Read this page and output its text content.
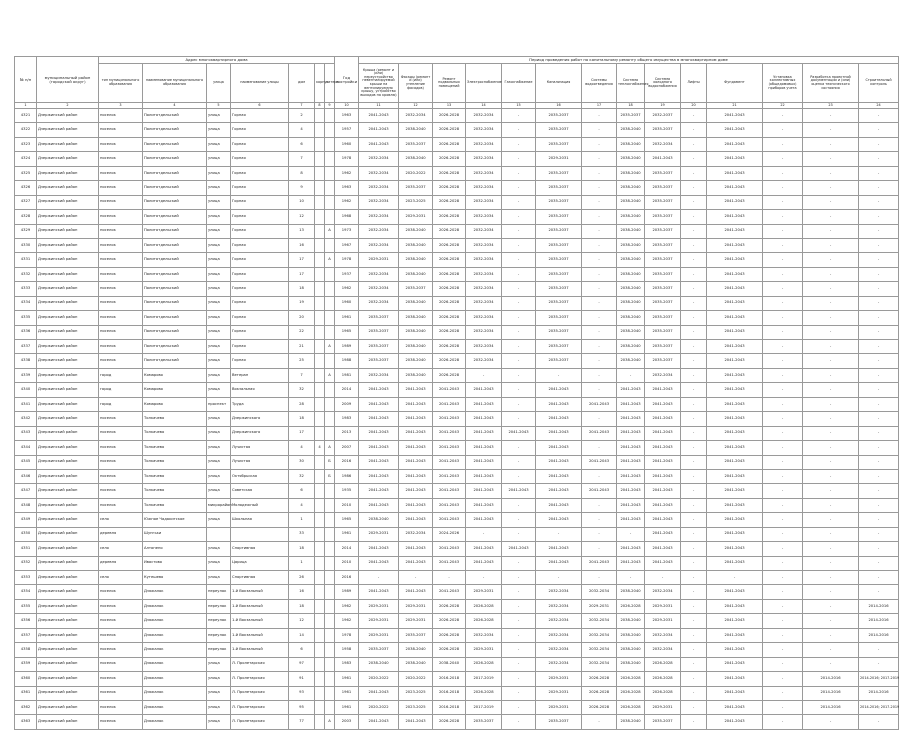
№ п/п	муниципальный район (городской округ)	Адрес многоквартирного дома							Год постройки	Период проведения работ по капитальному ремонту общего имущества в многоквартирном доме													
		тип муниципального образования	наименование муниципального образования	улица	наименование улицы	дом	корпус	литера		Крыша (ремонт и (или) переустройство невентилируемой крыши на вентилируемую крышу, устройство выходов на кровлю)	Фасады (ремонт и (или) утепление фасадов)	Ремонт подвальных помещений	Электроснабжение	Газоснабжение	Канализация	Системы водоотведения	Система теплоснабжения	Система холодного водоснабжения	Лифты	Фундамент	Установка коллективных (общедомовых) приборов учета	Разработка проектной документации и (или) оценка технического состояния	Строительный контроль
1	2	3	4	5	6	7	8	9	10	11	12	13	14	15	16	17	18	19	20	21	22	23	24
4321	Дзержинский район	поселок	Политотдельский	улица	Горная	2			1963	2041-2043	2032-2034	2026-2028	2032-2034	-	2035-2037	-	2035-2037	2032-2037	-	2041-2043	-	-	-
4322	Дзержинский район	поселок	Политотдельский	улица	Горная	4			1957	2041-2043	2038-2040	2026-2028	2032-2034	-	2035-2037	-	2038-2040	2035-2037	-	2041-2043	-	-	-
4323	Дзержинский район	поселок	Политотдельский	улица	Горная	6			1960	2041-2043	2035-2037	2026-2028	2032-2034	-	2035-2037	-	2038-2040	2032-2034	-	2041-2043	-	-	-
4324	Дзержинский район	поселок	Политотдельский	улица	Горная	7			1978	2032-2034	2038-2040	2026-2028	2032-2034	-	2029-2031	-	2038-2040	2041-2043	-	2041-2043	-	-	-
4325	Дзержинский район	поселок	Политотдельский	улица	Горная	8			1962	2032-2034	2020-2022	2026-2028	2032-2034	-	2035-2037	-	2038-2040	2035-2037	-	2041-2043	-	-	-
4326	Дзержинский район	поселок	Политотдельский	улица	Горная	9			1963	2032-2034	2035-2037	2026-2028	2032-2034	-	2035-2037	-	2038-2040	2035-2037	-	2041-2043	-	-	-
4327	Дзержинский район	поселок	Политотдельский	улица	Горная	10			1962	2032-2034	2023-2025	2026-2028	2032-2034	-	2035-2037	-	2038-2040	2035-2037	-	2041-2043	-	-	-
4328	Дзержинский район	поселок	Политотдельский	улица	Горная	12			1968	2032-2034	2029-2031	2026-2028	2032-2034	-	2035-2037	-	2038-2040	2035-2037	-	2041-2043	-	-	-
4329	Дзержинский район	поселок	Политотдельский	улица	Горная	13		А	1973	2032-2034	2038-2040	2026-2028	2032-2034	-	2035-2037	-	2038-2040	2035-2037	-	2041-2043	-	-	-
4330	Дзержинский район	поселок	Политотдельский	улица	Горная	16			1967	2032-2034	2038-2040	2026-2028	2032-2034	-	2035-2037	-	2038-2040	2035-2037	-	2041-2043	-	-	-
4331	Дзержинский район	поселок	Политотдельский	улица	Горная	17		А	1978	2029-2031	2038-2040	2026-2028	2032-2034	-	2035-2037	-	2038-2040	2035-2037	-	2041-2043	-	-	-
4332	Дзержинский район	поселок	Политотдельский	улица	Горная	17			1937	2032-2034	2038-2040	2026-2028	2032-2034	-	2035-2037	-	2038-2040	2035-2037	-	2041-2043	-	-	-
4333	Дзержинский район	поселок	Политотдельский	улица	Горная	18			1962	2032-2034	2035-2037	2026-2028	2032-2034	-	2035-2037	-	2038-2040	2035-2037	-	2041-2043	-	-	-
4334	Дзержинский район	поселок	Политотдельский	улица	Горная	19			1960	2032-2034	2038-2040	2026-2028	2032-2034	-	2035-2037	-	2038-2040	2035-2037	-	2041-2043	-	-	-
4335	Дзержинский район	поселок	Политотдельский	улица	Горная	20			1961	2035-2037	2038-2040	2026-2028	2032-2034	-	2035-2037	-	2038-2040	2035-2037	-	2041-2043	-	-	-
4336	Дзержинский район	поселок	Политотдельский	улица	Горная	22			1965	2035-2037	2038-2040	2026-2028	2032-2034	-	2035-2037	-	2038-2040	2035-2037	-	2041-2043	-	-	-
4337	Дзержинский район	поселок	Политотдельский	улица	Горная	21		А	1989	2035-2037	2038-2040	2026-2028	2032-2034	-	2035-2037	-	2038-2040	2035-2037	-	2041-2043	-	-	-
4338	Дзержинский район	поселок	Политотдельский	улица	Горная	25			1988	2035-2037	2038-2040	2026-2028	2032-2034	-	2035-2037	-	2038-2040	2035-2037	-	2041-2043	-	-	-
4339	Дзержинский район	город	Комарово	улица	Ветеран	7		А	1981	2032-2034	2038-2040	2026-2028	-	-	-	-	-	2032-2034	-	2041-2043	-	-	-
4340	Дзержинский район	город	Комарово	улица	Вокзальная	32			2014	2041-2043	2041-2043	2041-2043	2041-2043	-	2041-2043	-	2041-2043	2041-2043	-	2041-2043	-	-	-
4341	Дзержинский район	город	Комарово	проспект	Труда	28			2009	2041-2043	2041-2043	2041-2043	2041-2043	-	2041-2043	2041-2043	2041-2043	2041-2043	-	2041-2043	-	-	-
4342	Дзержинский район	поселок	Толкачево	улица	Дзержинского	18			1983	2041-2043	2041-2043	2041-2043	2041-2043	-	2041-2043	-	2041-2043	2041-2043	-	2041-2043	-	-	-
4343	Дзержинский район	поселок	Толкачево	улица	Дзержинского	17			2013	2041-2043	2041-2043	2041-2043	2041-2043	2041-2043	2041-2043	2041-2043	2041-2043	2041-2043	-	2041-2043	-	-	-
4344	Дзержинский район	поселок	Толкачево	улица	Лучистая	4	4	А	2007	2041-2043	2041-2043	2041-2043	2041-2043	-	2041-2043	-	2041-2043	2041-2043	-	2041-2043	-	-	-
4345	Дзержинский район	поселок	Толкачево	улица	Лучистая	30		Б	2016	2041-2043	2041-2043	2041-2043	2041-2043	-	2041-2043	2041-2043	2041-2043	2041-2043	-	2041-2043	-	-	-
4346	Дзержинский район	поселок	Толкачево	улица	Октябрьская	32		Б	1986	2041-2043	2041-2043	2041-2043	2041-2043	-	2041-2043	-	2041-2043	2041-2043	-	2041-2043	-	-	-
4347	Дзержинский район	поселок	Толкачево	улица	Советская	6			1935	2041-2043	2041-2043	2041-2043	2041-2043	2041-2043	2041-2043	2041-2043	2041-2043	2041-2043	-	2041-2043	-	-	-
4348	Дзержинский район	поселок	Толкачево	микрорайон	Молодежный	4			2010	2041-2043	2041-2043	2041-2043	2041-2043	-	2041-2043	-	2041-2043	2041-2043	-	2041-2043	-	-	-
4349	Дзержинский район	село	Южное Чадакитское	улица	Школьная	1			1965	2038-2040	2041-2043	2041-2043	2041-2043	-	2041-2043	-	2041-2043	2041-2043	-	2041-2043	-	-	-
4350	Дзержинский район	деревня	Шунгьки			33			1961	2029-2031	2032-2034	2024-2026	-	-	-	-	-	2041-2043	-	2041-2043	-	-	-
4351	Дзержинский район	село	Алтонено	улица	Спортивная	18			2014	2041-2043	2041-2043	2041-2043	2041-2043	2041-2043	2041-2043	-	2041-2043	2041-2043	-	2041-2043	-	-	-
4352	Дзержинский район	деревня	Ивастово	улица	Царица	1			2010	2041-2043	2041-2043	2041-2043	2041-2043	-	2041-2043	2041-2043	2041-2043	2041-2043	-	2041-2043	-	-	-
4353	Дзержинский район	село	Кутешево	улица	Спортивная	26			2016	-	-	-	-	-	-	-	-	-	-	-	-	-	-
4354	Дзержинский район	поселок	Дзяжалок	переулок	1-й Вокзальный	16			1989	2041-2043	2041-2043	2041-2043	2029-2031	-	2032-2034	2032-2034	2038-2040	2032-2034	-	2041-2043	-	-	-
4355	Дзержинский район	поселок	Дзяжалок	переулок	1-й Вокзальный	18			1962	2029-2031	2029-2031	2026-2028	2026-2028	-	2032-2034	2029-2031	2026-2028	2029-2031	-	2041-2043	-	-	2014-2016
4356	Дзержинский район	поселок	Дзяжалок	переулок	1-й Вокзальный	12			1962	2029-2031	2029-2031	2026-2028	2026-2028	-	2032-2034	2032-2034	2038-2040	2029-2031	-	2041-2043	-	-	2014-2016
4357	Дзержинский район	поселок	Дзяжалок	переулок	1-й Вокзальный	14			1978	2029-2031	2035-2037	2026-2028	2032-2034	-	2032-2034	2032-2034	2038-2040	2032-2034	-	2041-2043	-	-	2014-2016
4358	Дзержинский район	поселок	Дзяжалок	переулок	1-й Вокзальный	6			1958	2035-2037	2038-2040	2026-2028	2029-2031	-	2032-2034	2032-2034	2038-2040	2032-2034	-	2041-2043	-	-	-
4359	Дзержинский район	поселок	Дзяжалок	улица	Л. Пролетарская	97			1983	2038-2040	2038-2040	2038-2040	2026-2028	-	2032-2034	2032-2034	2038-2040	2026-2028	-	2041-2043	-	-	-
4360	Дзержинский район	поселок	Дзяжалок	улица	Л. Пролетарская	91			1961	2020-2022	2020-2022	2016-2018	2017-2019	-	2029-2031	2026-2028	2026-2028	2026-2028	-	2041-2043	-	2014-2016	2014-2016; 2017-2019
4361	Дзержинский район	поселок	Дзяжалок	улица	Л. Пролетарская	93			1961	2041-2043	2023-2025	2016-2018	2026-2028	-	2029-2031	2026-2028	2026-2028	2026-2028	-	2041-2043	-	2014-2016	2014-2016
4362	Дзержинский район	поселок	Дзяжалок	улица	Л. Пролетарская	95			1961	2020-2022	2023-2025	2016-2018	2017-2019	-	2029-2031	2026-2028	2026-2028	2029-2031	-	2041-2043	-	2014-2016	2014-2016; 2017-2019
4363	Дзержинский район	поселок	Дзяжалок	улица	Л. Пролетарская	77		А	2003	2041-2043	2041-2043	2026-2028	2035-2037	-	2035-2037	-	2038-2040	2035-2037	-	2041-2043	-	-	-
